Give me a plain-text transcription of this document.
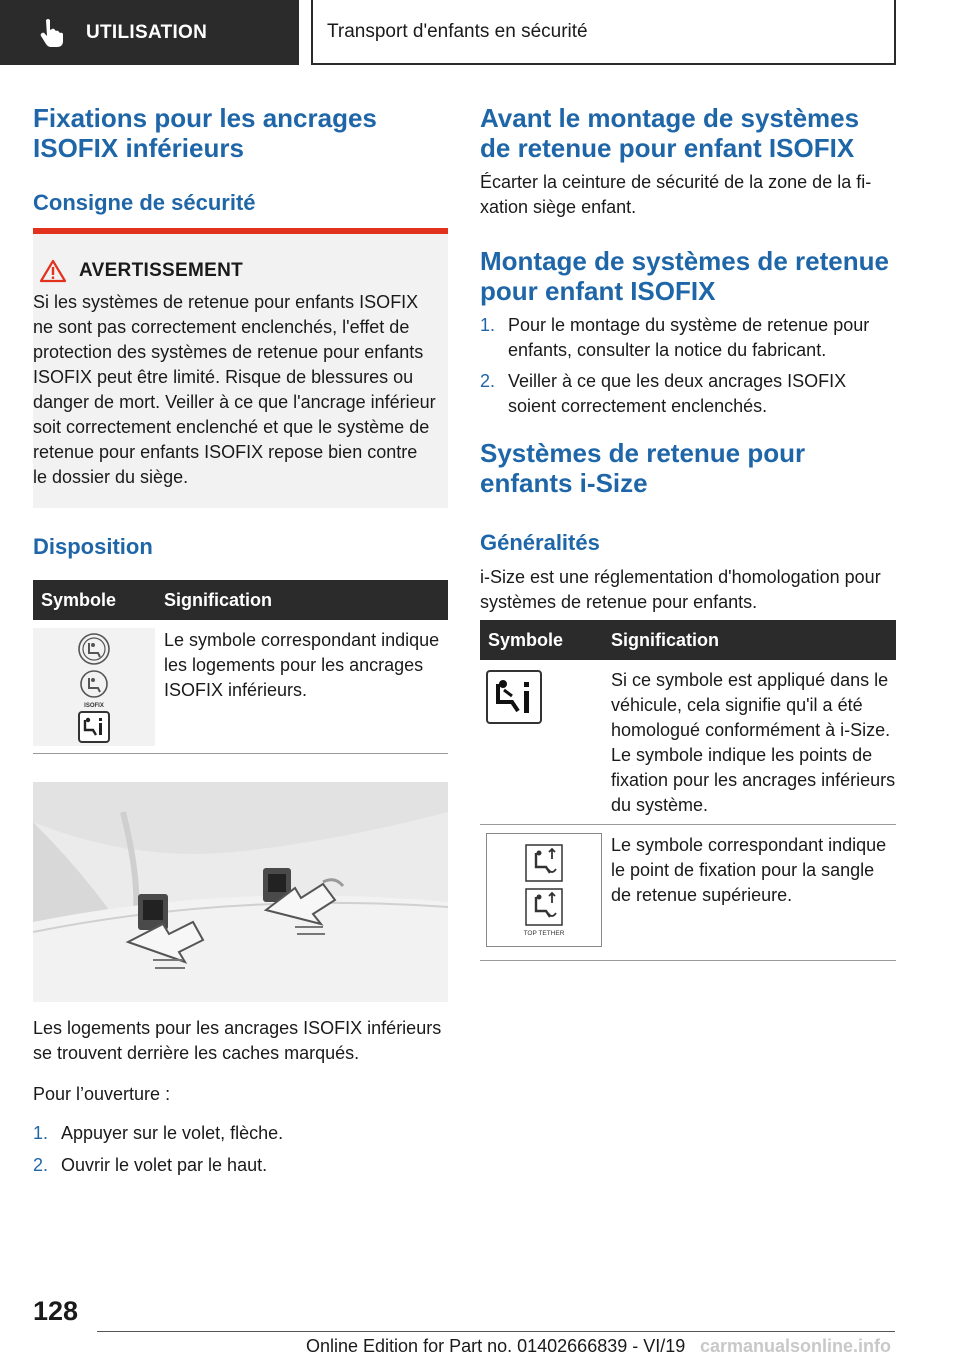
UTILISATION	Transport d'enfants en sécurité
Fixations pour les ancrages ISOFIX inférieurs
Consigne de sécurité
AVERTISSEMENT

Si les systèmes de retenue pour enfants ISOFIX ne sont pas correctement enclenchés, l'effet de protection des systèmes de retenue pour enfants ISOFIX peut être limité. Risque de blessures ou danger de mort. Veiller à ce que l'ancrage inférieur soit correctement enclenché et que le système de retenue pour enfants ISOFIX repose bien contre le dossier du siège.

Disposition
Symbole	Signification
ISOFIX

Le symbole correspondant indique les logements pour les ancrages ISOFIX inférieurs.

Les logements pour les ancrages ISOFIX inférieurs se trouvent derrière les caches marqués.

Pour l’ouverture :

1. Appuyer sur le volet, flèche.
2. Ouvrir le volet par le haut.
Avant le montage de systèmes de retenue pour enfant ISOFIX

Écarter la ceinture de sécurité de la zone de la fixation siège enfant.

Montage de systèmes de retenue pour enfant ISOFIX
1. Pour le montage du système de retenue pour enfants, consulter la notice du fabricant.
2. Veiller à ce que les deux ancrages ISOFIX soient correctement enclenchés.
Systèmes de retenue pour enfants i-Size
Généralités

i-Size est une réglementation d'homologation pour systèmes de retenue pour enfants.

Symbole	Signification

Si ce symbole est appliqué dans le véhicule, cela signifie qu'il a été homologué conformément à i-Size. Le symbole indique les points de fixation pour les ancrages inférieurs du système.

TOP TETHER

Le symbole correspondant indique le point de fixation pour la sangle de retenue supérieure.

128
Online Edition for Part no. 01402666839 - VI/19 carmanualsonline.info
